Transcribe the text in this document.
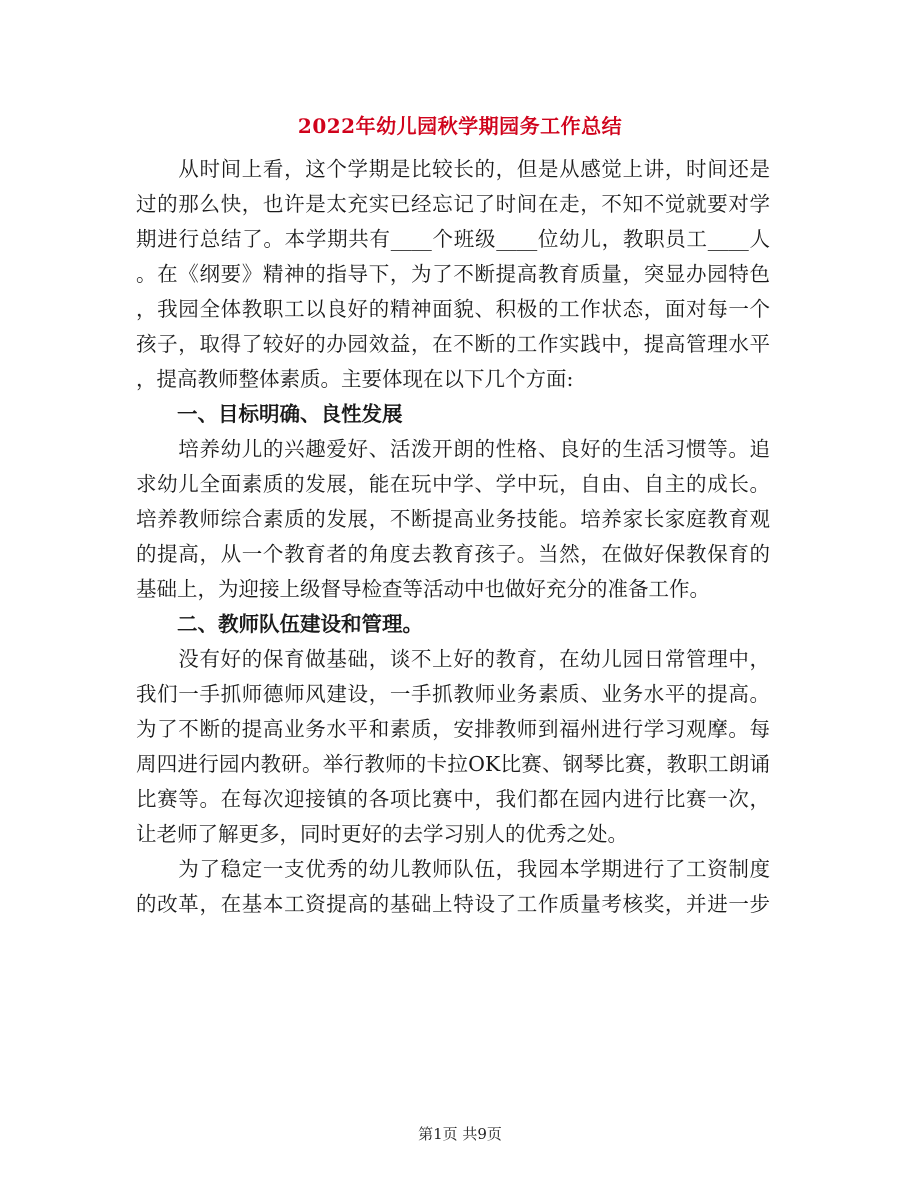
2022年幼儿园秋学期园务工作总结
　　从时间上看，这个学期是比较长的，但是从感觉上讲，时间还是
过的那么快，也许是太充实已经忘记了时间在走，不知不觉就要对学
期进行总结了。本学期共有____个班级____位幼儿，教职员工____人
。在《纲要》精神的指导下，为了不断提高教育质量，突显办园特色
，我园全体教职工以良好的精神面貌、积极的工作状态，面对每一个
孩子，取得了较好的办园效益，在不断的工作实践中，提高管理水平
，提高教师整体素质。主要体现在以下几个方面:
　　一、目标明确、良性发展
　　培养幼儿的兴趣爱好、活泼开朗的性格、良好的生活习惯等。追
求幼儿全面素质的发展，能在玩中学、学中玩，自由、自主的成长。
培养教师综合素质的发展，不断提高业务技能。培养家长家庭教育观
的提高，从一个教育者的角度去教育孩子。当然，在做好保教保育的
基础上，为迎接上级督导检查等活动中也做好充分的准备工作。
　　二、教师队伍建设和管理。
　　没有好的保育做基础，谈不上好的教育，在幼儿园日常管理中，
我们一手抓师德师风建设，一手抓教师业务素质、业务水平的提高。
为了不断的提高业务水平和素质，安排教师到福州进行学习观摩。每
周四进行园内教研。举行教师的卡拉OK比赛、钢琴比赛，教职工朗诵
比赛等。在每次迎接镇的各项比赛中，我们都在园内进行比赛一次，
让老师了解更多，同时更好的去学习别人的优秀之处。
　　为了稳定一支优秀的幼儿教师队伍，我园本学期进行了工资制度
的改革，在基本工资提高的基础上特设了工作质量考核奖，并进一步
第1页 共9页
